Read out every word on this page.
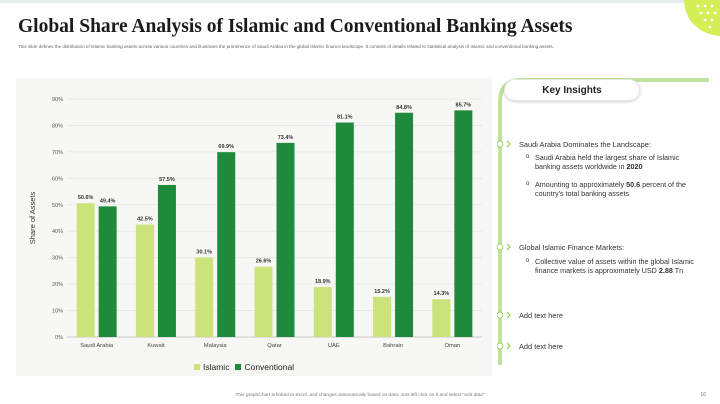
Global Share Analysis of Islamic and Conventional Banking Assets
This slide defines the distribution of Islamic banking assets across various countries and illustrates the prominence of Saudi Arabia in the global Islamic finance landscape. It consists of details related to statistical analysis of Islamic and conventional banking assets.
0%
10%
20%
30%
40%
50%
60%
70%
80%
90%
Share of Assets	50.6%
49.4%
Saudi Arabia
42.5%
57.5%
Kuwait
30.1%
69.9%
Malaysia
26.6%
73.4%
Qatar
18.9%
81.1%
UAE
15.2%
84.8%
Bahrain
14.3%
85.7%
Oman
Islamic Conventional
Key Insights
Saudi Arabia Dominates the Landscape:
o Saudi Arabia held the largest share of Islamic banking assets worldwide in 2020
o Amounting to approximately 50.6 percent of the country's total banking assets
Global Islamic Finance Markets:
o Collective value of assets within the global Islamic finance markets is approximately USD 2.88 Tn
Add text here
Add text here
This graph/chart is linked to excel, and changes automatically based on data. Just left click on it and select "edit data"	16
